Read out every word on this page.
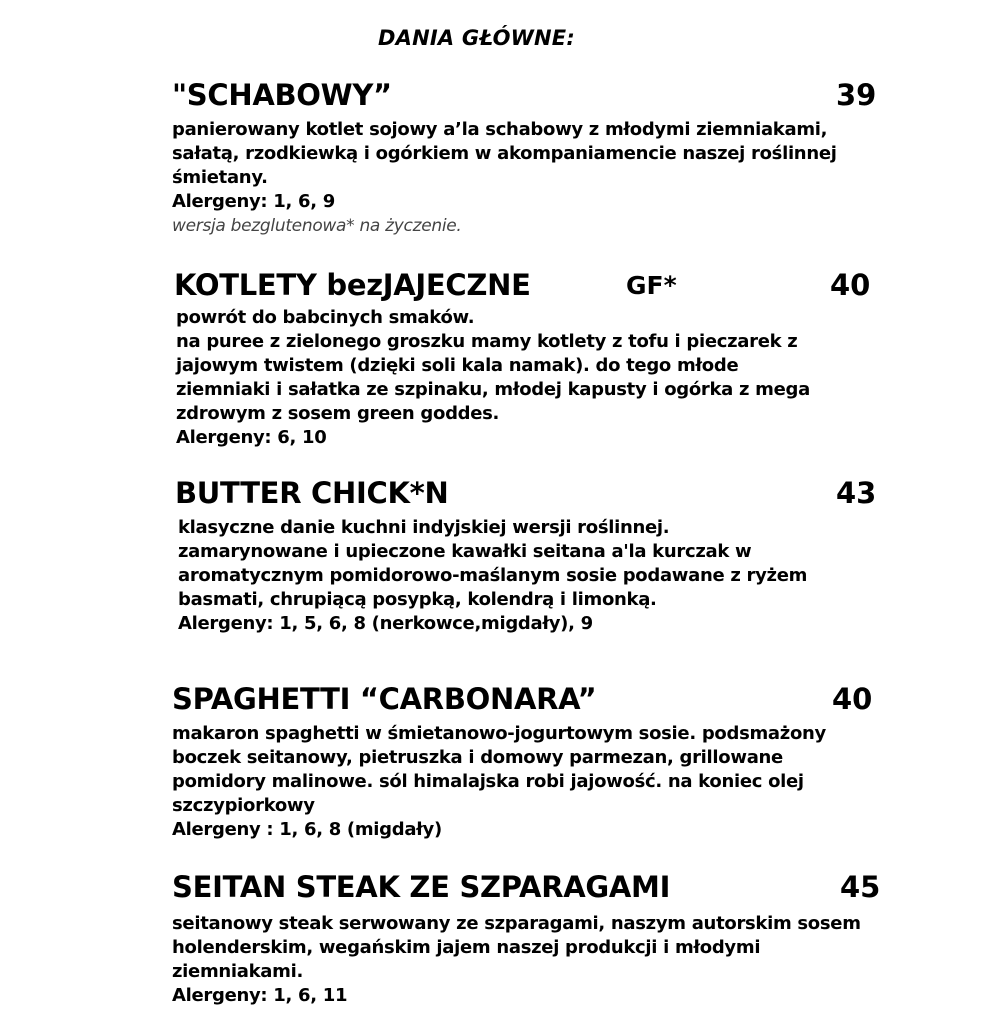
DANIA GŁÓWNE:
"SCHABOWY”	39

panierowany kotlet sojowy a’la schabowy z młodymi ziemniakami,

sałatą, rzodkiewką i ogórkiem w akompaniamencie naszej roślinnej

śmietany.

Alergeny: 1, 6, 9
wersja bezglutenowa* na życzenie.
KOTLETY bezJAJECZNE	GF*	40

powrót do babcinych smaków.

na puree z zielonego groszku mamy kotlety z tofu i pieczarek z

jajowym twistem (dzięki soli kala namak). do tego młode

ziemniaki i sałatka ze szpinaku, młodej kapusty i ogórka z mega

zdrowym z sosem green goddes.

Alergeny: 6, 10
BUTTER CHICK*N	43

klasyczne danie kuchni indyjskiej wersji roślinnej.

zamarynowane i upieczone kawałki seitana a'la kurczak w

aromatycznym pomidorowo-maślanym sosie podawane z ryżem

basmati, chrupiącą posypką, kolendrą i limonką.

Alergeny: 1, 5, 6, 8 (nerkowce,migdały), 9
SPAGHETTI “CARBONARA”	40

makaron spaghetti w śmietanowo-jogurtowym sosie. podsmażony

boczek seitanowy, pietruszka i domowy parmezan, grillowane

pomidory malinowe. sól himalajska robi jajowość. na koniec olej

szczypiorkowy

Alergeny : 1, 6, 8 (migdały)
SEITAN STEAK ZE SZPARAGAMI	45

seitanowy steak serwowany ze szparagami, naszym autorskim sosem

holenderskim, wegańskim jajem naszej produkcji i młodymi

ziemniakami.

Alergeny: 1, 6, 11
